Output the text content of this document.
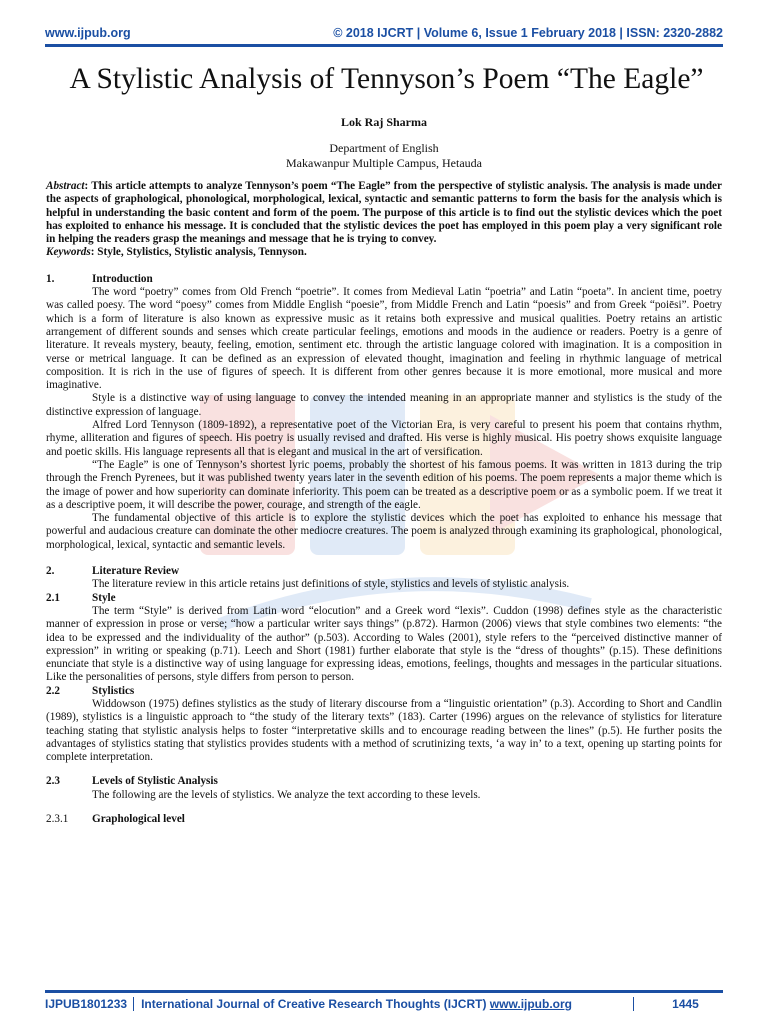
www.ijpub.org	© 2018 IJCRT | Volume 6, Issue 1 February 2018 | ISSN: 2320-2882
A Stylistic Analysis of Tennyson’s Poem “The Eagle”
Lok Raj Sharma
Department of English
Makawanpur Multiple Campus, Hetauda

Abstract: This article attempts to analyze Tennyson’s poem “The Eagle” from the perspective of stylistic analysis. The analysis is made under the aspects of graphological, phonological, morphological, lexical, syntactic and semantic patterns to form the basis for the analysis which is helpful in understanding the basic content and form of the poem. The purpose of this article is to find out the stylistic devices which the poet has exploited to enhance his message. It is concluded that the stylistic devices the poet has employed in this poem play a very significant role in helping the readers grasp the meanings and message that he is trying to convey.

Keywords: Style, Stylistics, Stylistic analysis, Tennyson.

1.	Introduction

The word “poetry” comes from Old French “poetrie”. It comes from Medieval Latin “poetria” and Latin “poeta”. In ancient time, poetry was called poesy. The word “poesy” comes from Middle English “poesie”, from Middle French and Latin “poesis” and from Greek “poiēsi”. Poetry which is a form of literature is also known as expressive music as it retains both expressive and musical qualities. Poetry retains an artistic arrangement of different sounds and senses which create particular feelings, emotions and moods in the audience or readers. Poetry is a genre of literature. It reveals mystery, beauty, feeling, emotion, sentiment etc. through the artistic language colored with imagination. It is a composition in verse or metrical language. It can be defined as an expression of elevated thought, imagination and feeling in rhythmic language of metrical composition. It is rich in the use of figures of speech. It is different from other genres because it is more emotional, more musical and more imaginative.

Style is a distinctive way of using language to convey the intended meaning in an appropriate manner and stylistics is the study of the distinctive expression of language.

Alfred Lord Tennyson (1809-1892), a representative poet of the Victorian Era, is very careful to present his poem that contains rhythm, rhyme, alliteration and figures of speech. His poetry is usually revised and drafted. His verse is highly musical. His poetry shows exquisite language and poetic skills. His language represents all that is elegant and musical in the art of versification.

“The Eagle” is one of Tennyson’s shortest lyric poems, probably the shortest of his famous poems. It was written in 1813 during the trip through the French Pyrenees, but it was published twenty years later in the seventh edition of his poems. The poem represents a major theme which is the image of power and how superiority can dominate inferiority. This poem can be treated as a descriptive poem or as a symbolic poem. If we treat it as a descriptive poem, it will describe the power, courage, and strength of the eagle.

The fundamental objective of this article is to explore the stylistic devices which the poet has exploited to enhance his message that powerful and audacious creature can dominate the other mediocre creatures. The poem is analyzed through examining its graphological, phonological, morphological, lexical, syntactic and semantic levels.

2.	Literature Review

The literature review in this article retains just definitions of style, stylistics and levels of stylistic analysis.

2.1	Style

The term “Style” is derived from Latin word “elocution” and a Greek word “lexis”. Cuddon (1998) defines style as the characteristic manner of expression in prose or verse; “how a particular writer says things” (p.872). Harmon (2006) views that style combines two elements: “the idea to be expressed and the individuality of the author” (p.503). According to Wales (2001), style refers to the “perceived distinctive manner of expression” in writing or speaking (p.71). Leech and Short (1981) further elaborate that style is the “dress of thoughts” (p.15). These definitions enunciate that style is a distinctive way of using language for expressing ideas, emotions, feelings, thoughts and messages in the particular situations. Like the personalities of persons, style differs from person to person.

2.2	Stylistics

Widdowson (1975) defines stylistics as the study of literary discourse from a “linguistic orientation” (p.3). According to Short and Candlin (1989), stylistics is a linguistic approach to “the study of the literary texts” (183). Carter (1996) argues on the relevance of stylistics for literature teaching stating that stylistic analysis helps to foster “interpretative skills and to encourage reading between the lines” (p.5). He further posits the advantages of stylistics stating that stylistics provides students with a method of scrutinizing texts, ‘a way in’ to a text, opening up starting points for complete interpretation.

2.3	Levels of Stylistic Analysis

The following are the levels of stylistics. We analyze the text according to these levels.

2.3.1	Graphological level
IJPUB1801233	International Journal of Creative Research Thoughts (IJCRT) www.ijpub.org	1445
